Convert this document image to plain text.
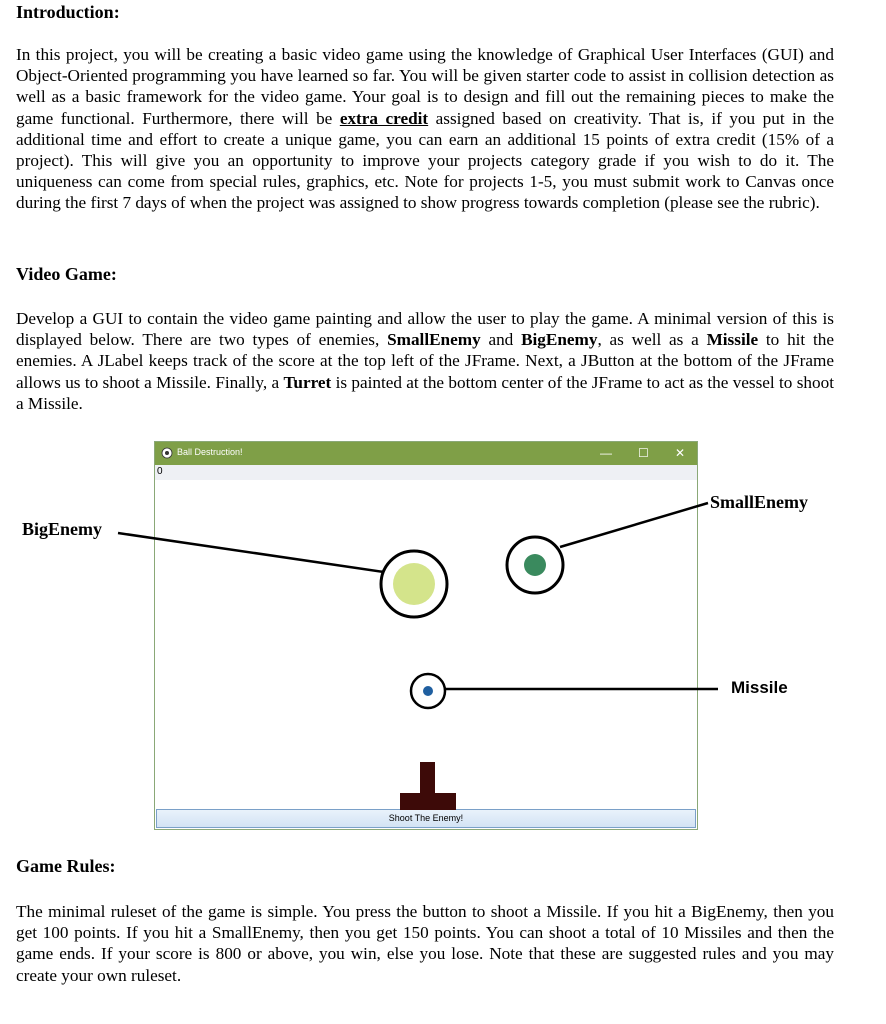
Introduction:

In this project, you will be creating a basic video game using the knowledge of Graphical User Interfaces (GUI) and Object-Oriented programming you have learned so far. You will be given starter code to assist in collision detection as well as a basic framework for the video game. Your goal is to design and fill out the remaining pieces to make the game functional. Furthermore, there will be extra credit assigned based on creativity. That is, if you put in the additional time and effort to create a unique game, you can earn an additional 15 points of extra credit (15% of a project). This will give you an opportunity to improve your projects category grade if you wish to do it. The uniqueness can come from special rules, graphics, etc. Note for projects 1-5, you must submit work to Canvas once during the first 7 days of when the project was assigned to show progress towards completion (please see the rubric).

Video Game:

Develop a GUI to contain the video game painting and allow the user to play the game. A minimal version of this is displayed below. There are two types of enemies, SmallEnemy and BigEnemy, as well as a Missile to hit the enemies. A JLabel keeps track of the score at the top left of the JFrame. Next, a JButton at the bottom of the JFrame allows us to shoot a Missile. Finally, a Turret is painted at the bottom center of the JFrame to act as the vessel to shoot a Missile.

Ball Destruction!	— ☐ ✕
0
Shoot The Enemy!
BigEnemy
SmallEnemy
Missile
Game Rules:

The minimal ruleset of the game is simple. You press the button to shoot a Missile. If you hit a BigEnemy, then you get 100 points. If you hit a SmallEnemy, then you get 150 points. You can shoot a total of 10 Missiles and then the game ends. If your score is 800 or above, you win, else you lose. Note that these are suggested rules and you may create your own ruleset.
